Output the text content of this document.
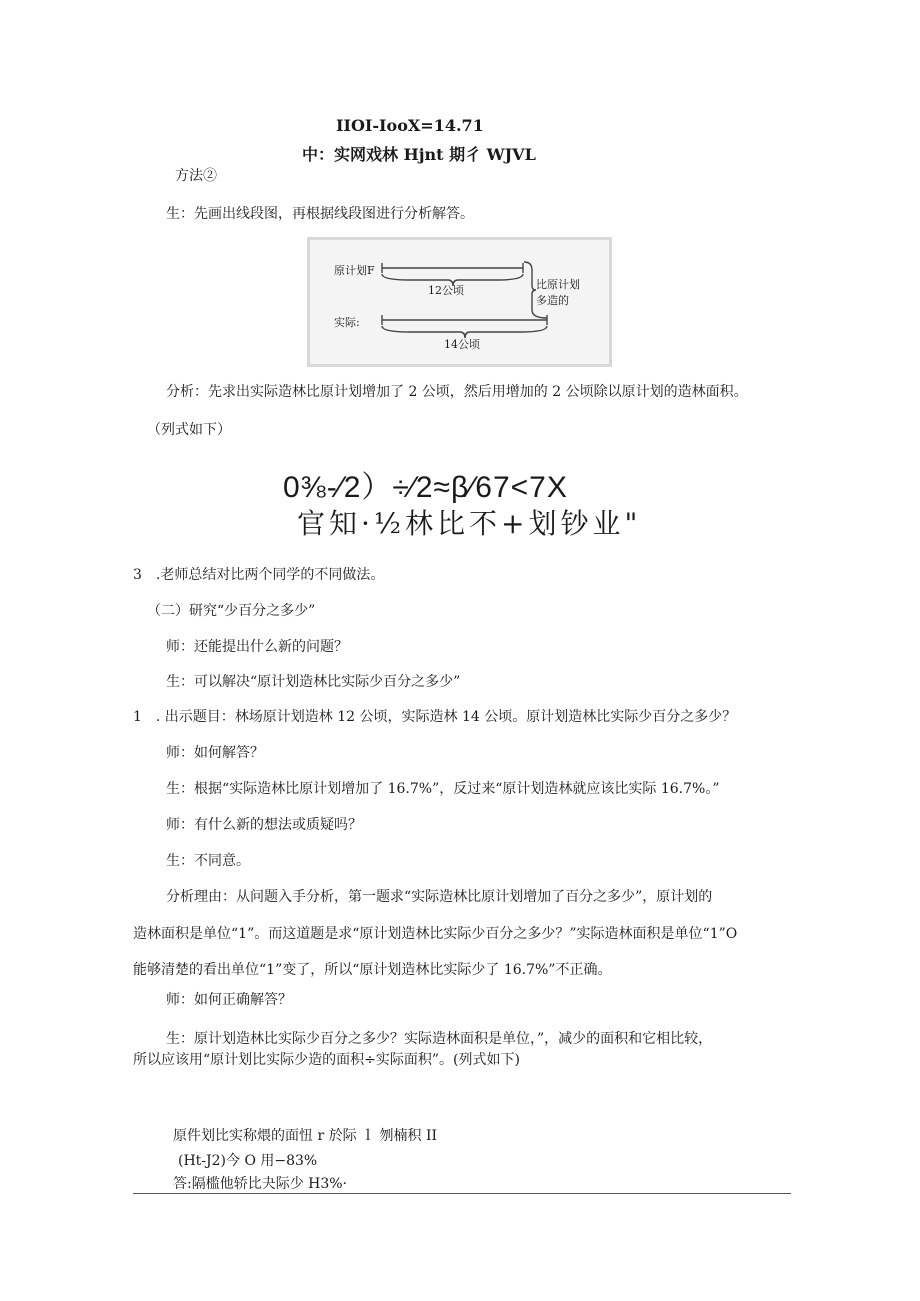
IIOI-IooX=14.71
中：实网戏林 Hjnt 期彳 WJVL
方法②
生：先画出线段图，再根据线段图进行分析解答。
原计划F
12公顷
实际:
14公顷
比原计划
多造的
分析：先求出实际造林比原计划增加了 2 公顷，然后用增加的 2 公顷除以原计划的造林面积。
（列式如下）
0⅜-∕2）÷∕2≈β∕67<7X
官知·½林比不+划钞业"
3　.老师总结对比两个同学的不同做法。
（二）研究“少百分之多少”
师：还能提出什么新的问题？
生：可以解决“原计划造林比实际少百分之多少”
1　. 出示题目：林场原计划造林 12 公顷，实际造林 14 公顷。原计划造林比实际少百分之多少？
师：如何解答？
生：根据“实际造林比原计划增加了 16.7%”，反过来“原计划造林就应该比实际 16.7%。”
师：有什么新的想法或质疑吗？
生：不同意。
分析理由：从问题入手分析，第一题求“实际造林比原计划增加了百分之多少”，原计划的
造林面积是单位“1”。而这道题是求“原计划造林比实际少百分之多少？”实际造林面积是单位“1”O
能够清楚的看出单位“1”变了，所以“原计划造林比实际少了 16.7%”不正确。
师：如何正确解答？
生：原计划造林比实际少百分之多少？实际造林面积是单位，”，减少的面积和它相比较，
所以应该用“原计划比实际少造的面积÷实际面积”。(列式如下)
原件划比实称煨的面忸 r 於际 ｌ 刎楠积 II
(Ht-J2)今 O 用−83%
答:隔槛他轿比夬际少 H3%·
